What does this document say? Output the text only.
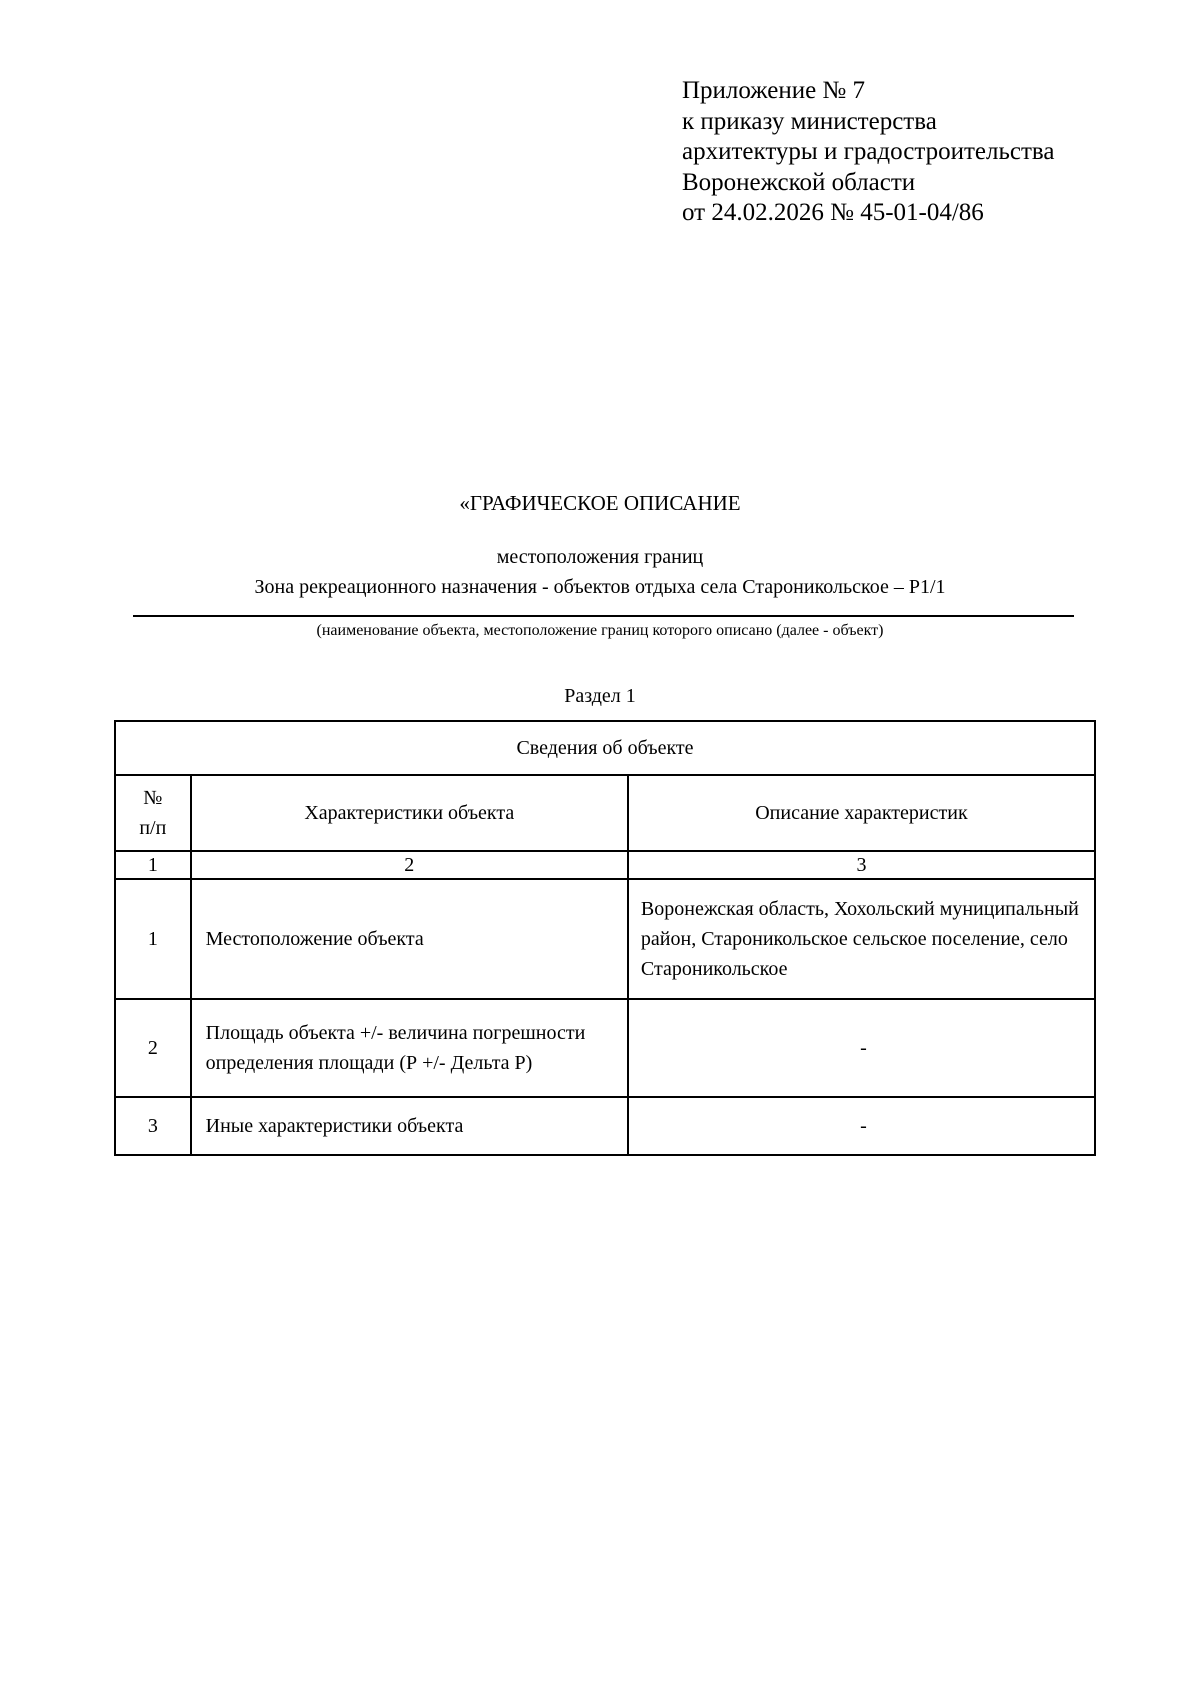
Приложение № 7
к приказу министерства
архитектуры и градостроительства
Воронежской области
от 24.02.2026 № 45-01-04/86
«ГРАФИЧЕСКОЕ ОПИСАНИЕ
местоположения границ
Зона рекреационного назначения - объектов отдыха села Староникольское – Р1/1
(наименование объекта, местоположение границ которого описано (далее - объект)
Раздел 1
Сведения об объекте		
№
п/п	Характеристики объекта	Описание характеристик
1	2	3
1	Местоположение объекта	Воронежская область, Хохольский муниципальный район, Староникольское сельское поселение, село Староникольское
2	Площадь объекта +/- величина погрешности определения площади (Р +/- Дельта Р)	-
3	Иные характеристики объекта	-
